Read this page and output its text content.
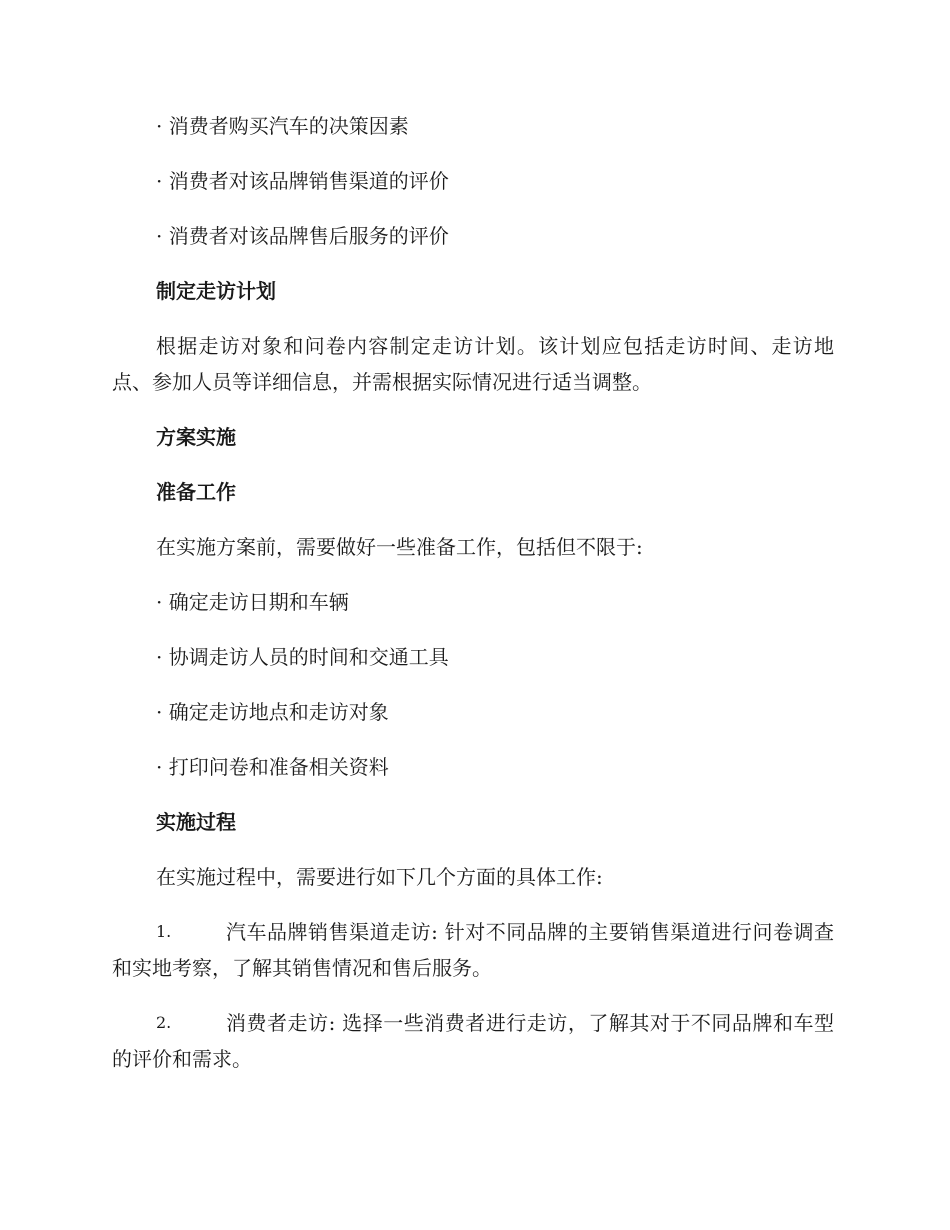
· 消费者购买汽车的决策因素

· 消费者对该品牌销售渠道的评价

· 消费者对该品牌售后服务的评价

制定走访计划

根据走访对象和问卷内容制定走访计划。该计划应包括走访时间、走访地点、参加人员等详细信息，并需根据实际情况进行适当调整。

方案实施

准备工作

在实施方案前，需要做好一些准备工作，包括但不限于:

· 确定走访日期和车辆

· 协调走访人员的时间和交通工具

· 确定走访地点和走访对象

· 打印问卷和准备相关资料

实施过程

在实施过程中，需要进行如下几个方面的具体工作:

1.	汽车品牌销售渠道走访: 针对不同品牌的主要销售渠道进行问卷调查和实地考察，了解其销售情况和售后服务。
2.	消费者走访: 选择一些消费者进行走访，了解其对于不同品牌和车型的评价和需求。
